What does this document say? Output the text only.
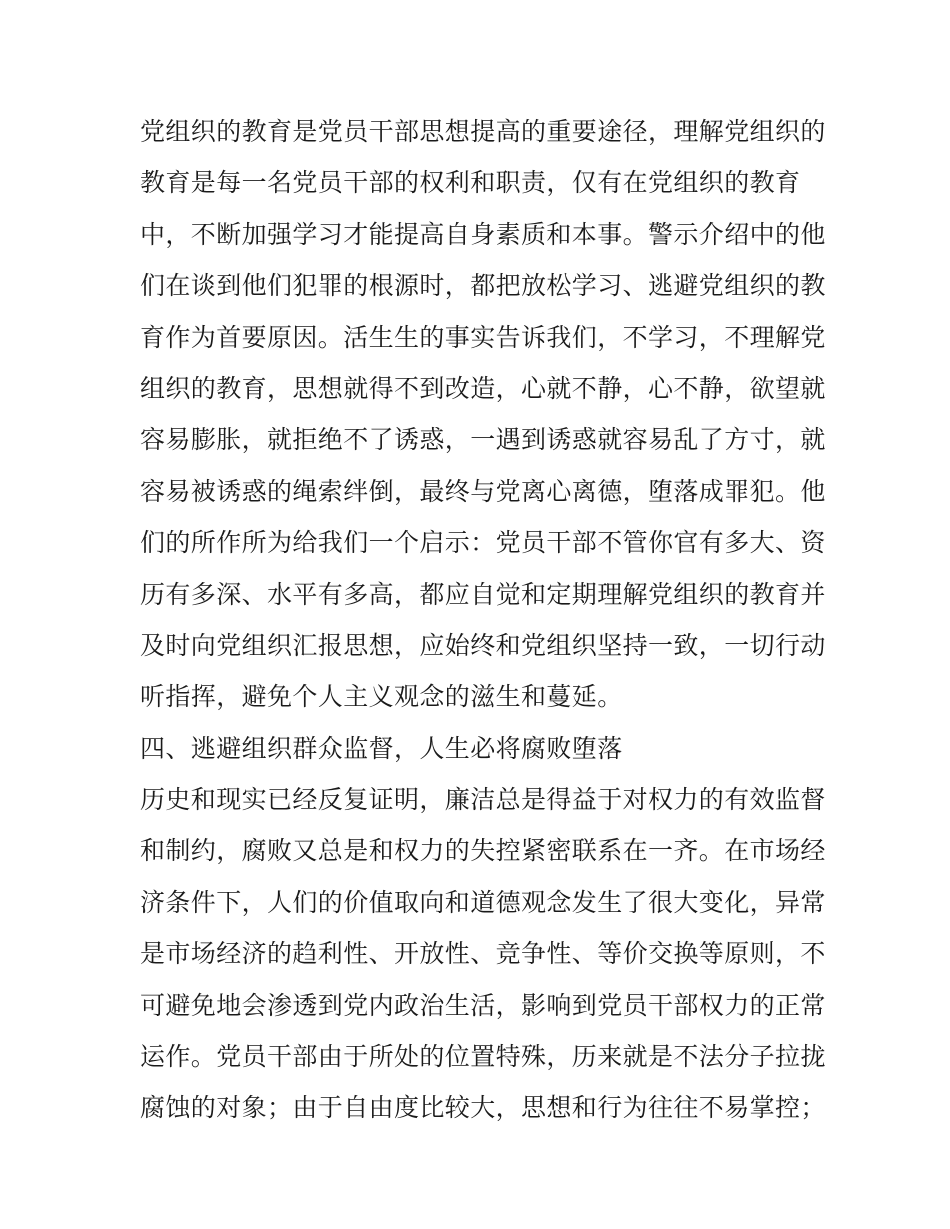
党组织的教育是党员干部思想提高的重要途径，理解党组织的
教育是每一名党员干部的权利和职责，仅有在党组织的教育
中，不断加强学习才能提高自身素质和本事。警示介绍中的他
们在谈到他们犯罪的根源时，都把放松学习、逃避党组织的教
育作为首要原因。活生生的事实告诉我们，不学习，不理解党
组织的教育，思想就得不到改造，心就不静，心不静，欲望就
容易膨胀，就拒绝不了诱惑，一遇到诱惑就容易乱了方寸，就
容易被诱惑的绳索绊倒，最终与党离心离德，堕落成罪犯。他
们的所作所为给我们一个启示：党员干部不管你官有多大、资
历有多深、水平有多高，都应自觉和定期理解党组织的教育并
及时向党组织汇报思想，应始终和党组织坚持一致，一切行动
听指挥，避免个人主义观念的滋生和蔓延。
四、逃避组织群众监督，人生必将腐败堕落
历史和现实已经反复证明，廉洁总是得益于对权力的有效监督
和制约，腐败又总是和权力的失控紧密联系在一齐。在市场经
济条件下，人们的价值取向和道德观念发生了很大变化，异常
是市场经济的趋利性、开放性、竞争性、等价交换等原则，不
可避免地会渗透到党内政治生活，影响到党员干部权力的正常
运作。党员干部由于所处的位置特殊，历来就是不法分子拉拢
腐蚀的对象；由于自由度比较大，思想和行为往往不易掌控；
